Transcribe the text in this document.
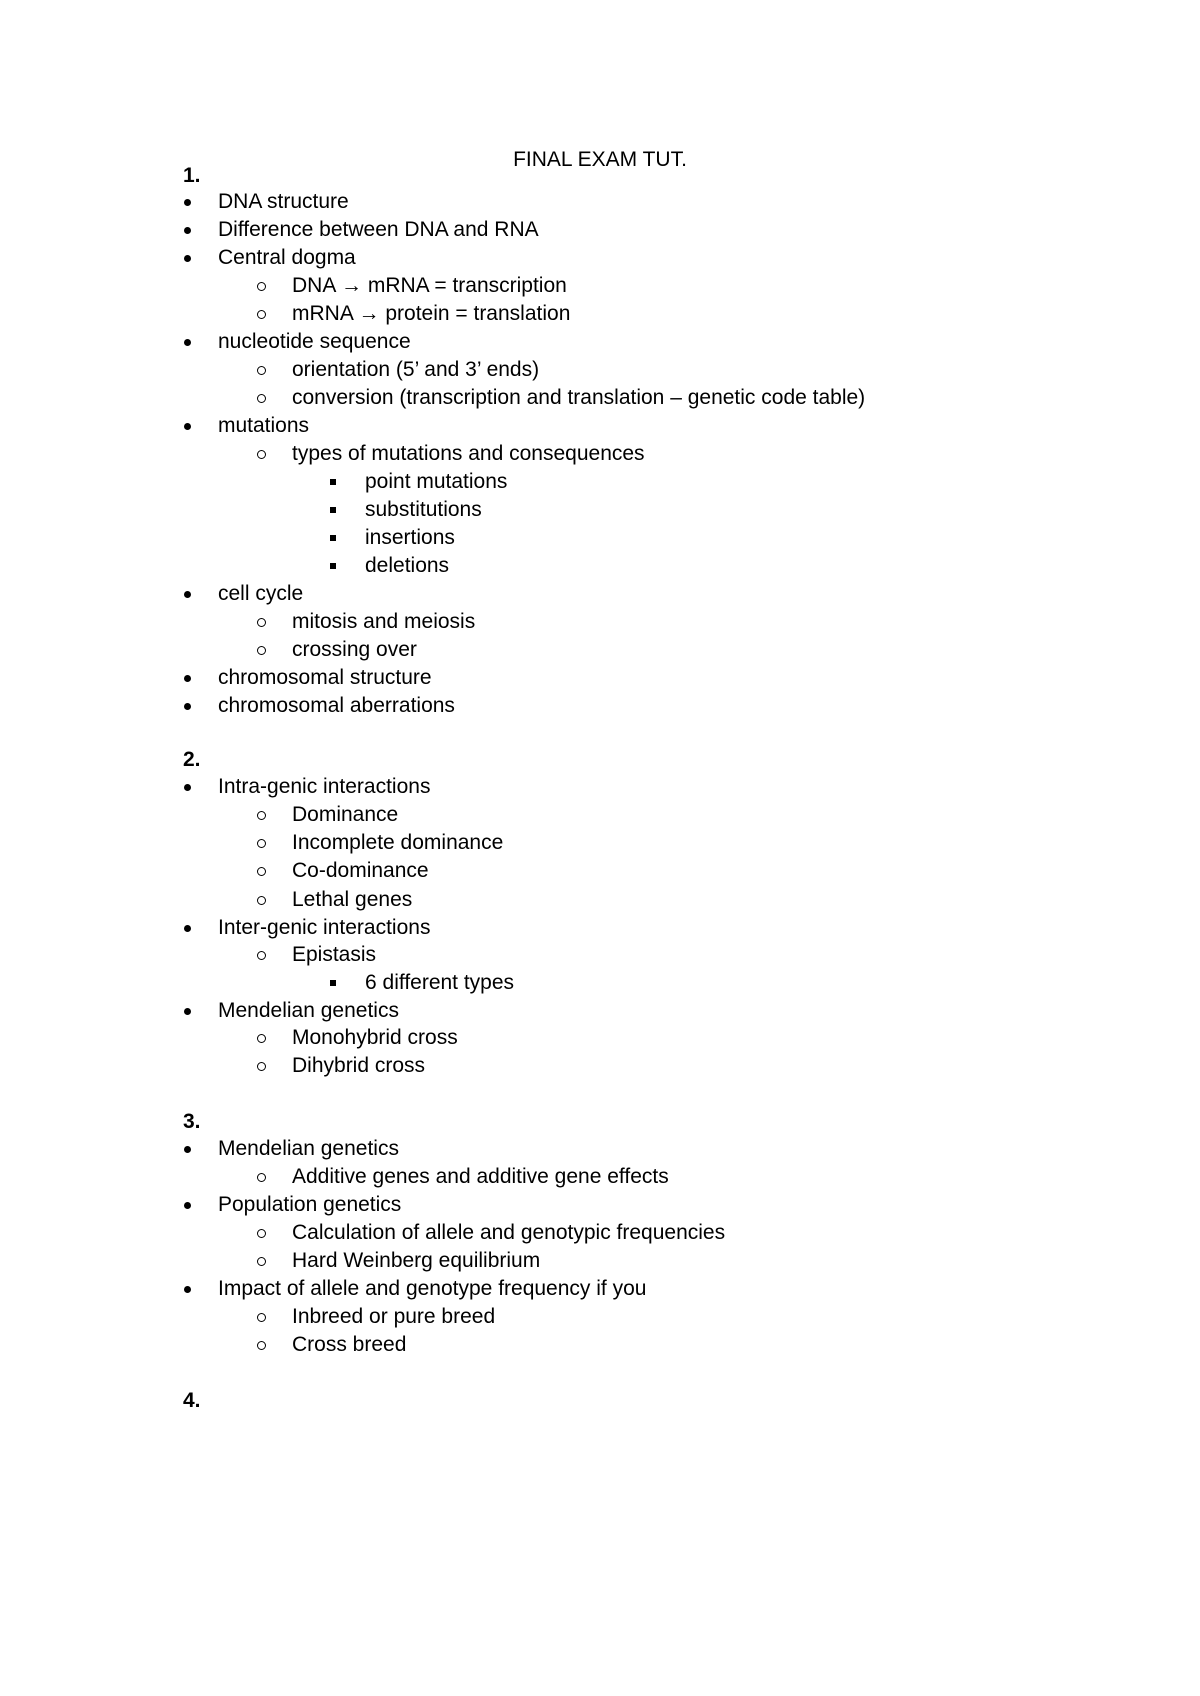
FINAL EXAM TUT.
1.
DNA structure
Difference between DNA and RNA
Central dogma
DNA → mRNA = transcription
mRNA → protein = translation
nucleotide sequence
orientation (5’ and 3’ ends)
conversion (transcription and translation – genetic code table)
mutations
types of mutations and consequences
point mutations
substitutions
insertions
deletions
cell cycle
mitosis and meiosis
crossing over
chromosomal structure
chromosomal aberrations
2.
Intra-genic interactions
Dominance
Incomplete dominance
Co-dominance
Lethal genes
Inter-genic interactions
Epistasis
6 different types
Mendelian genetics
Monohybrid cross
Dihybrid cross
3.
Mendelian genetics
Additive genes and additive gene effects
Population genetics
Calculation of allele and genotypic frequencies
Hard Weinberg equilibrium
Impact of allele and genotype frequency if you
Inbreed or pure breed
Cross breed
4.
